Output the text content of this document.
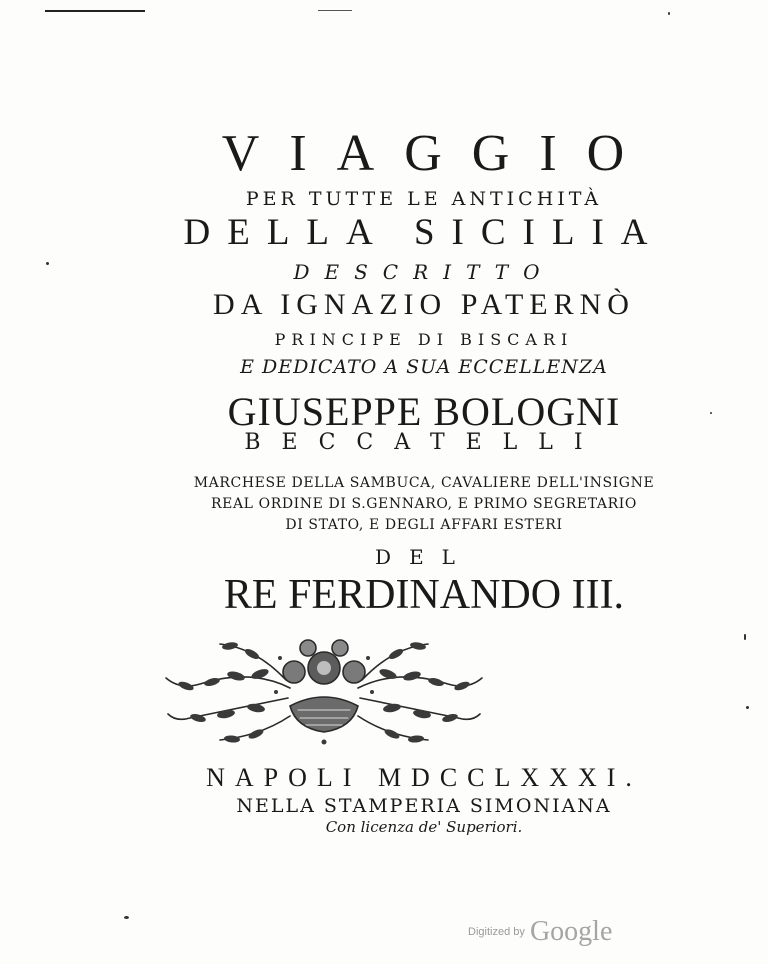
VIAGGIO
PER TUTTE LE ANTICHITÀ
DELLA SICILIA
DESCRITTO
DA IGNAZIO PATERNÒ
PRINCIPE DI BISCARI
E DEDICATO A SUA ECCELLENZA
GIUSEPPE BOLOGNI
BECCATELLI
MARCHESE DELLA SAMBUCA, CAVALIERE DELL'INSIGNE
REAL ORDINE DI S.GENNARO, E PRIMO SEGRETARIO
DI STATO, E DEGLI AFFARI ESTERI
DEL
RE FERDINANDO III.
NAPOLI MDCCLXXXI.
NELLA STAMPERIA SIMONIANA
Con licenza de' Superiori.
Digitized by Google
